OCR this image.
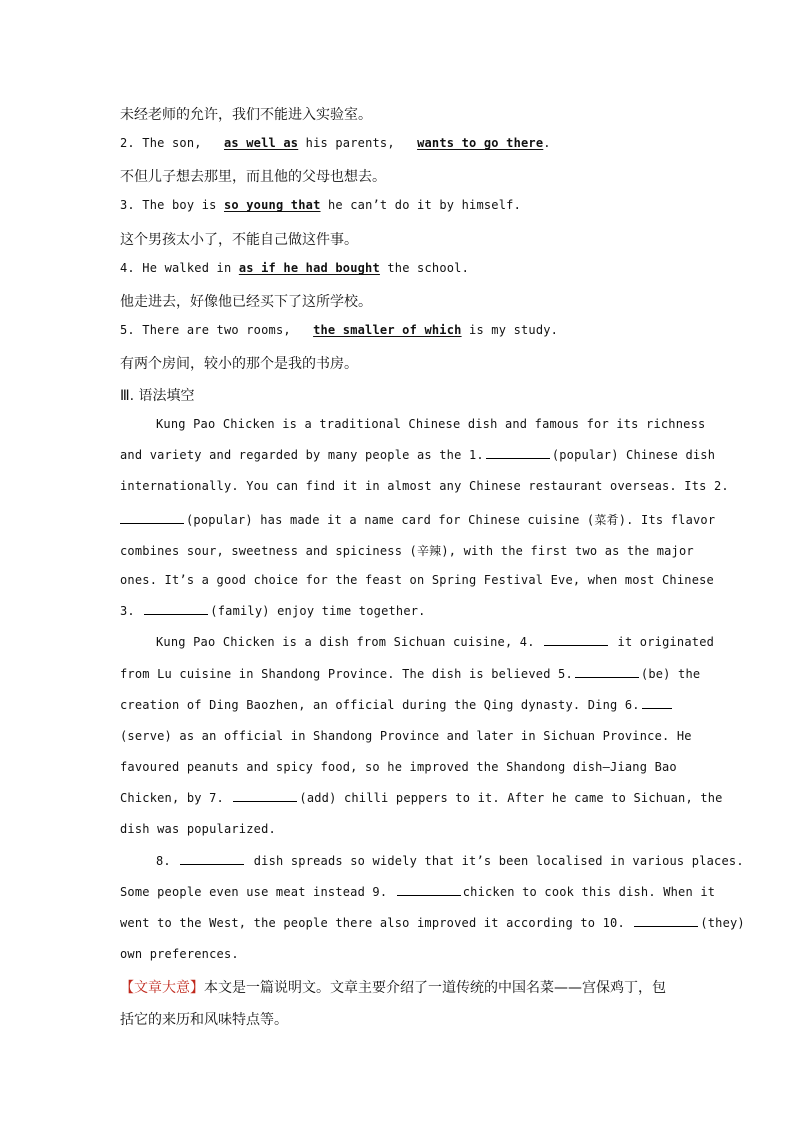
未经老师的允许，我们不能进入实验室。
2. The son, as well as his parents, wants to go there.
不但儿子想去那里，而且他的父母也想去。
3. The boy is so young that he can’t do it by himself.
这个男孩太小了，不能自己做这件事。
4. He walked in as if he had bought the school.
他走进去，好像他已经买下了这所学校。
5. There are two rooms, the smaller of which is my study.
有两个房间，较小的那个是我的书房。
Ⅲ. 语法填空
Kung Pao Chicken is a traditional Chinese dish and famous for its richness
and variety and regarded by many people as the 1.	(popular) Chinese dish
internationally. You can find it in almost any Chinese restaurant overseas. Its 2.
(popular) has made it a name card for Chinese cuisine (菜肴). Its flavor
combines sour, sweetness and spiciness (辛辣), with the first two as the major
ones. It’s a good choice for the feast on Spring Festival Eve, when most Chinese
3.	(family) enjoy time together.
Kung Pao Chicken is a dish from Sichuan cuisine, 4.	it originated
from Lu cuisine in Shandong Province. The dish is believed 5.	(be) the
creation of Ding Baozhen, an official during the Qing dynasty. Ding 6.
(serve) as an official in Shandong Province and later in Sichuan Province. He
favoured peanuts and spicy food, so he improved the Shandong dish—Jiang Bao
Chicken, by 7.	(add) chilli peppers to it. After he came to Sichuan, the
dish was popularized.
8.	dish spreads so widely that it’s been localised in various places.
Some people even use meat instead 9.	chicken to cook this dish. When it
went to the West, the people there also improved it according to 10.	(they)
own preferences.
【文章大意】本文是一篇说明文。文章主要介绍了一道传统的中国名菜——宫保鸡丁，包
括它的来历和风味特点等。
